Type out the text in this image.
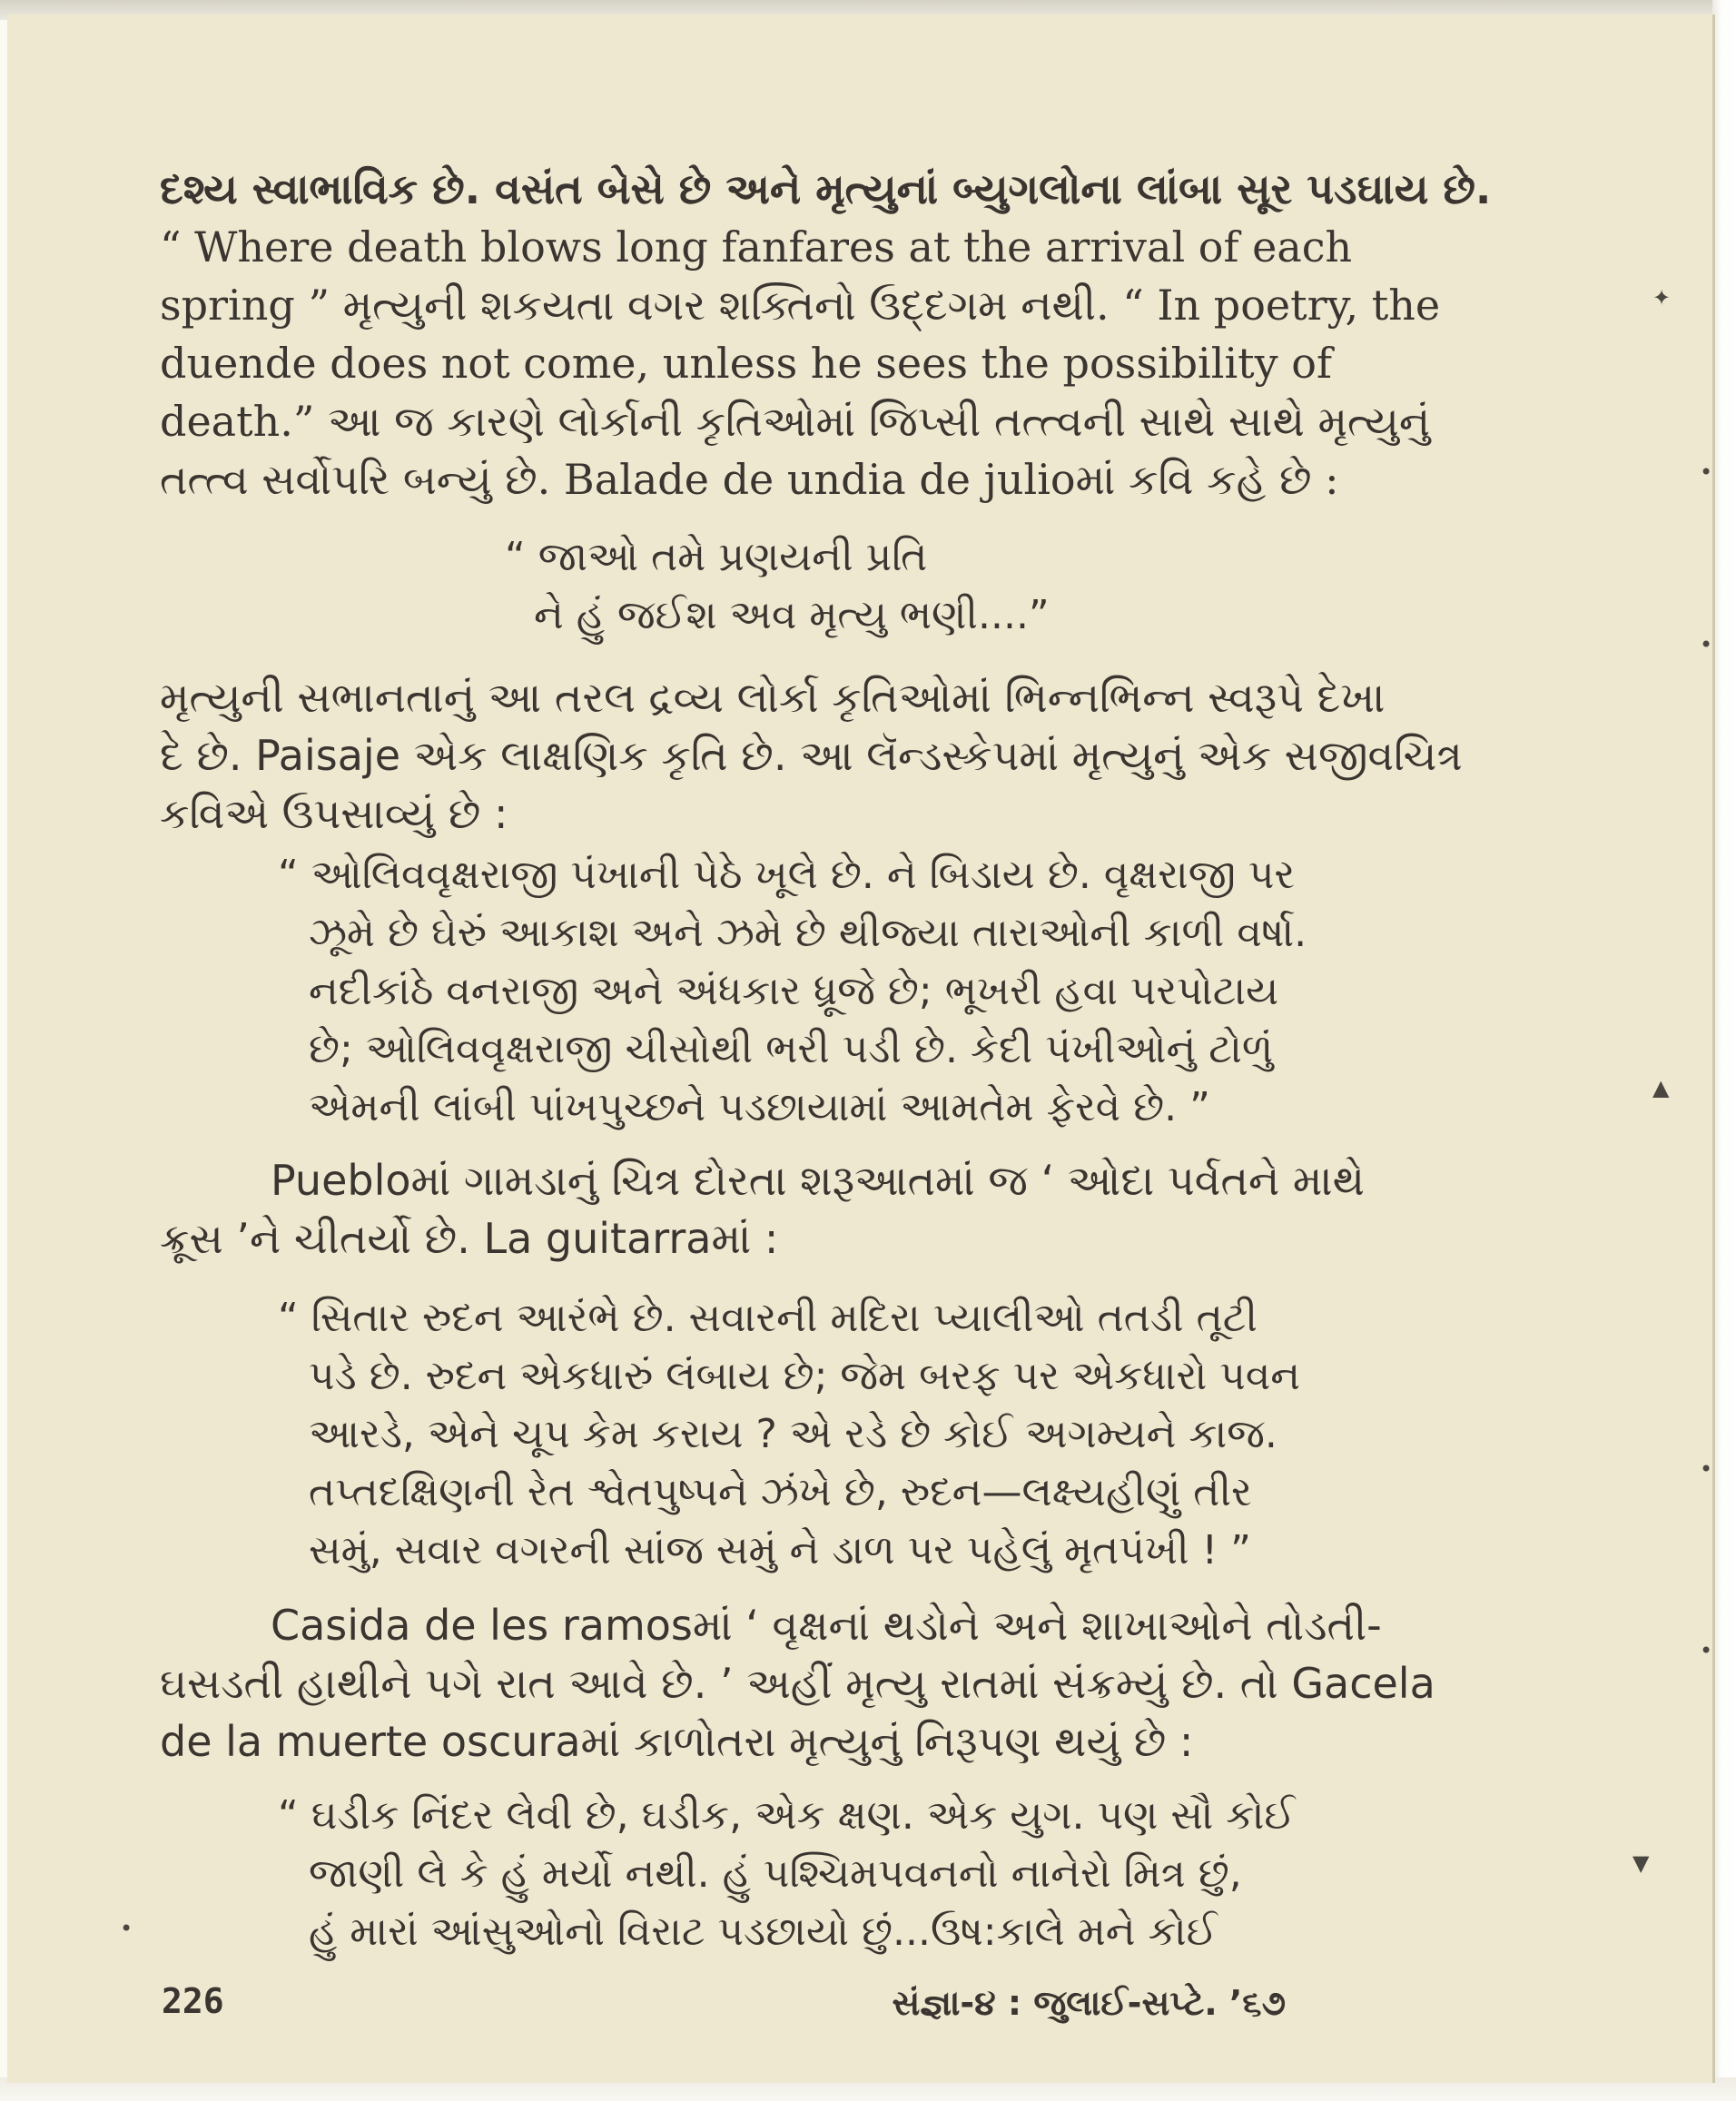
દશ્ય સ્વાભાવિક છે. વસંત બેસે છે અને મૃત્યુનાં બ્યુગલોના લાંબા સૂર પડઘાય છે.
“ Where death blows long fanfares at the arrival of each
spring ” મૃત્યુની શકયતા વગર શક્તિનો ઉદ્દગમ નથી. “ In poetry, the
duende does not come, unless he sees the possibility of
death.” આ જ કારણે લોર્કાની કૃતિઓમાં જિપ્સી તત્ત્વની સાથે સાથે મૃત્યુનું
તત્ત્વ સર્વોપરિ બન્યું છે. Balade de undia de julioમાં કવિ કહે છે :
“ જાઓ તમે પ્રણયની પ્રતિ
ને હું જઈશ અવ મૃત્યુ ભણી....”
મૃત્યુની સભાનતાનું આ તરલ દ્રવ્ય લોર્કા કૃતિઓમાં ભિન્નભિન્ન સ્વરૂપે દેખા
દે છે. Paisaje એક લાક્ષણિક કૃતિ છે. આ લૅન્ડસ્કેપમાં મૃત્યુનું એક સજીવચિત્ર
કવિએ ઉપસાવ્યું છે :
“ ઓલિવવૃક્ષરાજી પંખાની પેઠે ખૂલે છે. ને બિડાય છે. વૃક્ષરાજી પર
ઝૂમે છે ઘેરું આકાશ અને ઝમે છે થીજ્યા તારાઓની કાળી વર્ષા.
નદીકાંઠે વનરાજી અને અંધકાર ધ્રૂજે છે; ભૂખરી હવા પરપોટાય
છે; ઓલિવવૃક્ષરાજી ચીસોથી ભરી પડી છે. કેદી પંખીઓનું ટોળું
એમની લાંબી પાંખપુચ્છને પડછાયામાં આમતેમ ફેરવે છે. ”
Puebloમાં ગામડાનું ચિત્ર દોરતા શરૂઆતમાં જ ‘ ઓદા પર્વતને માથે
ક્રૂસ ’ને ચીતર્યો છે. La guitarraમાં :
“ સિતાર રુદન આરંભે છે. સવારની મદિરા પ્યાલીઓ તતડી તૂટી
પડે છે. રુદન એકધારું લંબાય છે; જેમ બરફ પર એકધારો પવન
આરડે, એને ચૂપ કેમ કરાય ? એ રડે છે કોઈ અગમ્યને કાજ.
તપ્તદક્ષિણની રેત શ્વેતપુષ્પને ઝંખે છે, રુદન—લક્ષ્યહીણું તીર
સમું, સવાર વગરની સાંજ સમું ને ડાળ પર પહેલું મૃતપંખી ! ”
Casida de les ramosમાં ‘ વૃક્ષનાં થડોને અને શાખાઓને તોડતી-
ઘસડતી હાથીને પગે રાત આવે છે. ’ અહીં મૃત્યુ રાતમાં સંક્રમ્યું છે. તો Gacela
de la muerte oscuraમાં કાળોતરા મૃત્યુનું નિરૂપણ થયું છે :
“ ઘડીક નિંદર લેવી છે, ઘડીક, એક ક્ષણ. એક યુગ. પણ સૌ કોઈ
જાણી લે કે હું મર્યો નથી. હું પશ્ચિમપવનનો નાનેરો મિત્ર છું,
હું મારાં આંસુઓનો વિરાટ પડછાયો છું...ઉષ:કાલે મને કોઈ
226	સંજ્ઞા-૪ : જુલાઈ-સપ્ટે. ’૬૭
✦
•
•
▲
•
•
▼
•
